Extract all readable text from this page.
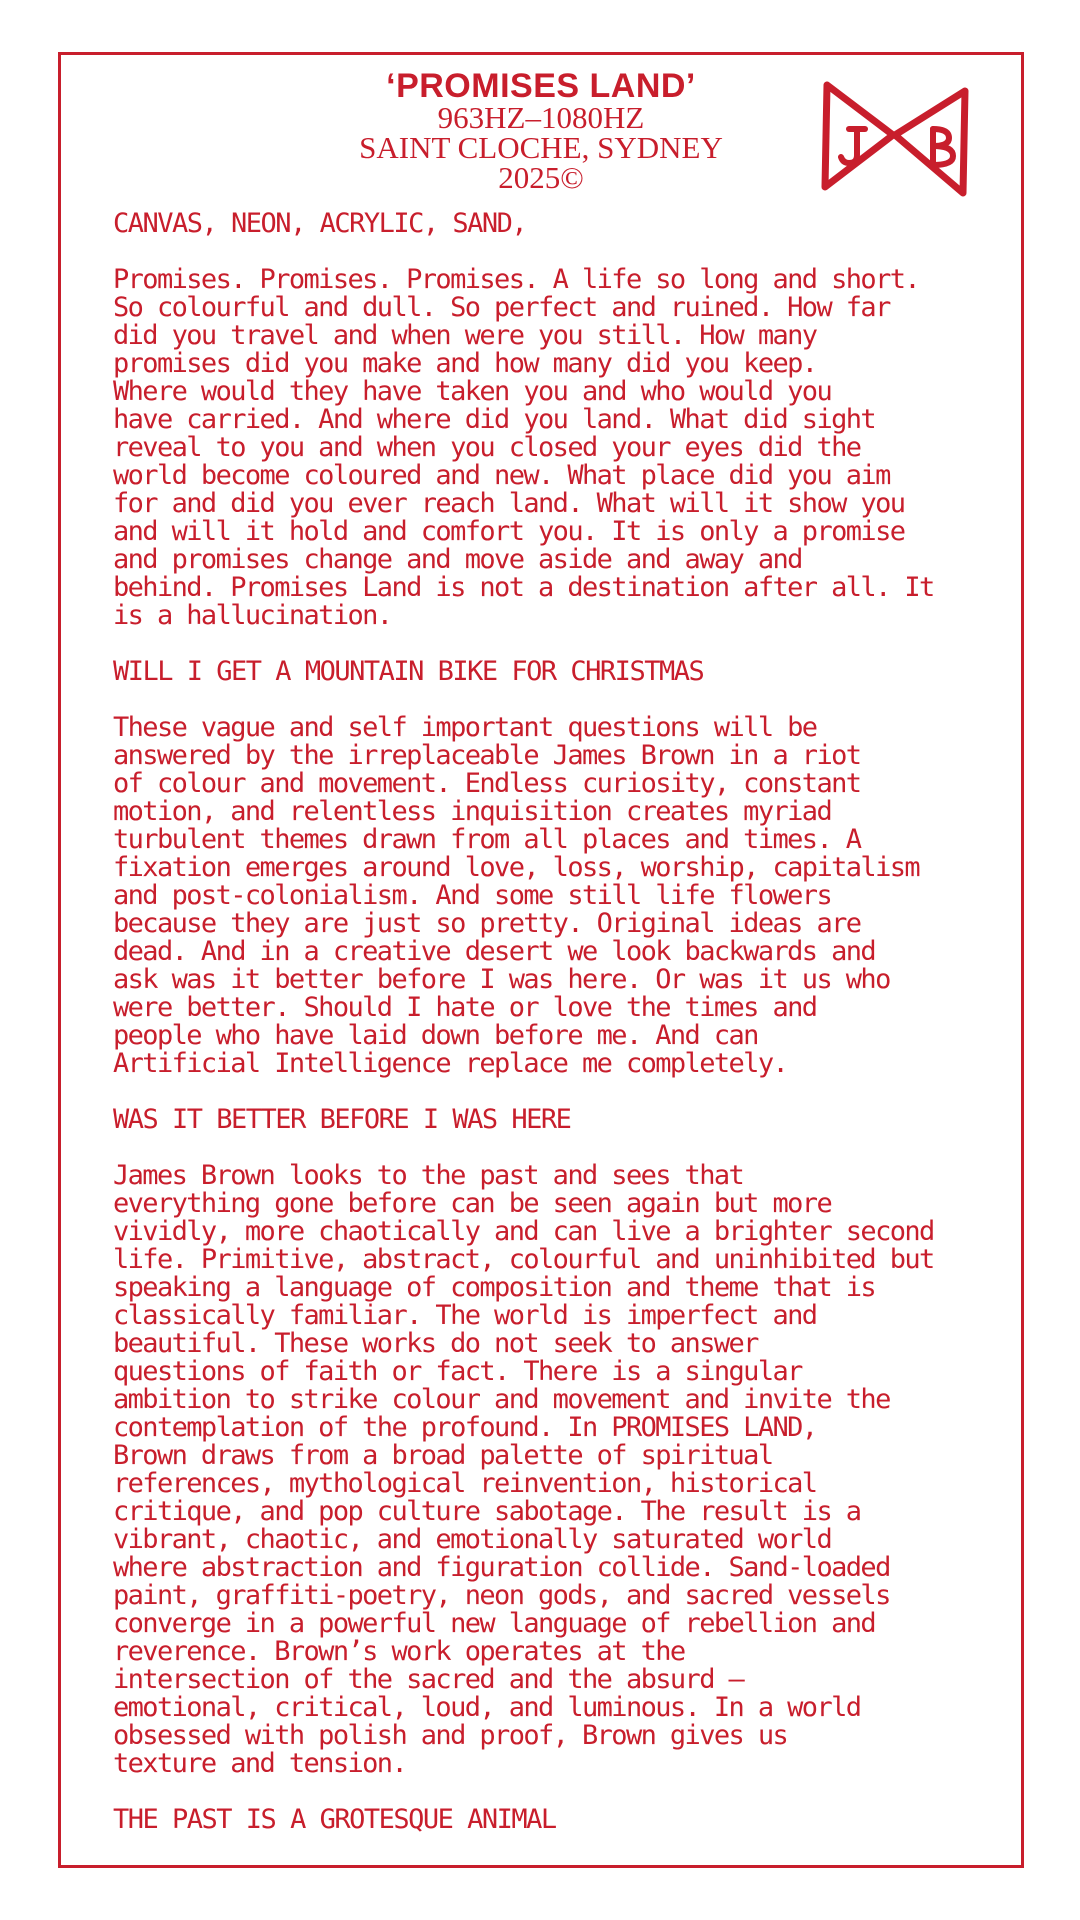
‘PROMISES LAND’
963HZ–1080HZ
SAINT CLOCHE, SYDNEY
2025©
CANVAS, NEON, ACRYLIC, SAND,

Promises. Promises. Promises. A life so long and short.
So colourful and dull. So perfect and ruined. How far
did you travel and when were you still. How many
promises did you make and how many did you keep.
Where would they have taken you and who would you
have carried. And where did you land. What did sight
reveal to you and when you closed your eyes did the
world become coloured and new. What place did you aim
for and did you ever reach land. What will it show you
and will it hold and comfort you. It is only a promise
and promises change and move aside and away and
behind. Promises Land is not a destination after all. It
is a hallucination.

WILL I GET A MOUNTAIN BIKE FOR CHRISTMAS

These vague and self important questions will be
answered by the irreplaceable James Brown in a riot
of colour and movement. Endless curiosity, constant
motion, and relentless inquisition creates myriad
turbulent themes drawn from all places and times. A
fixation emerges around love, loss, worship, capitalism
and post-colonialism. And some still life flowers
because they are just so pretty. Original ideas are
dead. And in a creative desert we look backwards and
ask was it better before I was here. Or was it us who
were better. Should I hate or love the times and
people who have laid down before me. And can
Artificial Intelligence replace me completely.

WAS IT BETTER BEFORE I WAS HERE

James Brown looks to the past and sees that
everything gone before can be seen again but more
vividly, more chaotically and can live a brighter second
life. Primitive, abstract, colourful and uninhibited but
speaking a language of composition and theme that is
classically familiar. The world is imperfect and
beautiful. These works do not seek to answer
questions of faith or fact. There is a singular
ambition to strike colour and movement and invite the
contemplation of the profound. In PROMISES LAND,
Brown draws from a broad palette of spiritual
references, mythological reinvention, historical
critique, and pop culture sabotage. The result is a
vibrant, chaotic, and emotionally saturated world
where abstraction and figuration collide. Sand-loaded
paint, graffiti-poetry, neon gods, and sacred vessels
converge in a powerful new language of rebellion and
reverence. Brown’s work operates at the
intersection of the sacred and the absurd —
emotional, critical, loud, and luminous. In a world
obsessed with polish and proof, Brown gives us
texture and tension.

THE PAST IS A GROTESQUE ANIMAL
